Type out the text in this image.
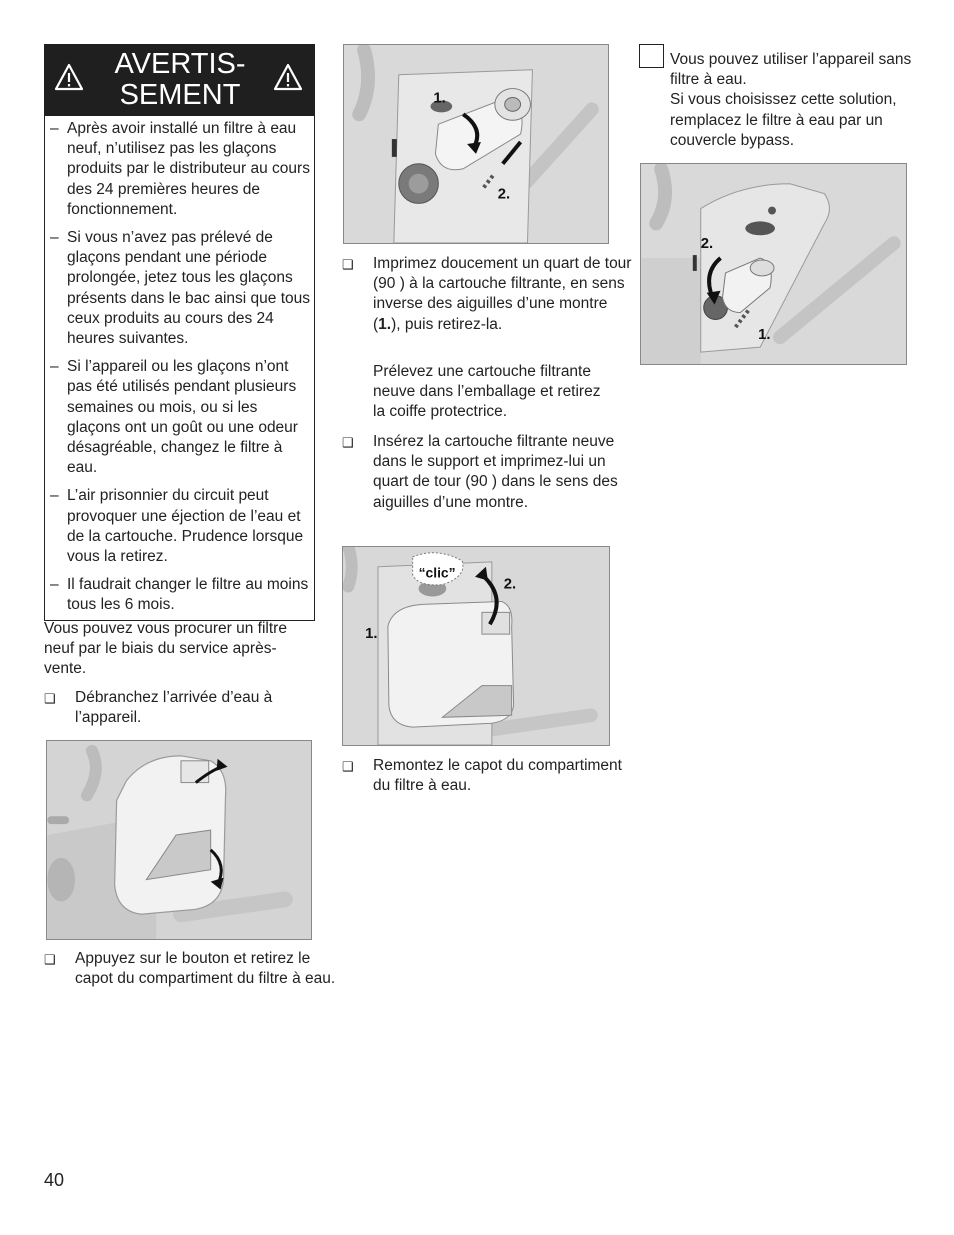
AVERTIS-
SEMENT
– Après avoir installé un filtre à eau neuf, n’utilisez pas les glaçons produits par le distributeur au cours des 24 premières heures de fonctionnement.
– Si vous n’avez pas prélevé de glaçons pendant une période prolongée, jetez tous les glaçons présents dans le bac ainsi que tous ceux produits au cours des 24 heures suivantes.
– Si l’appareil ou les glaçons n’ont pas été utilisés pendant plusieurs semaines ou mois, ou si les glaçons ont un goût ou une odeur désagréable, changez le filtre à eau.
– L’air prisonnier du circuit peut provoquer une éjection de l’eau et de la cartouche. Prudence lorsque vous la retirez.
– Il faudrait changer le filtre au moins tous les 6 mois.
Vous pouvez vous procurer un filtre neuf par le biais du service après-vente.
❑ Débranchez l’arrivée d’eau à l’appareil.
❑ Appuyez sur le bouton et retirez le capot du compartiment du filtre à eau.
1.
2.
❑ Imprimez doucement un quart de tour (90 ) à la cartouche filtrante, en sens inverse des aiguilles d’une montre (1.), puis retirez-la.
Prélevez une cartouche filtrante neuve dans l’emballage et retirez la coiffe protectrice.
❑ Insérez la cartouche filtrante neuve dans le support et imprimez-lui un quart de tour (90 ) dans le sens des aiguilles d’une montre.
“clic”
2.
1.
❑ Remontez le capot du compartiment du filtre à eau.
Vous pouvez utiliser l’appareil sans filtre à eau.
Si vous choisissez cette solution, remplacez le filtre à eau par un couvercle bypass.
2.
1.
40
